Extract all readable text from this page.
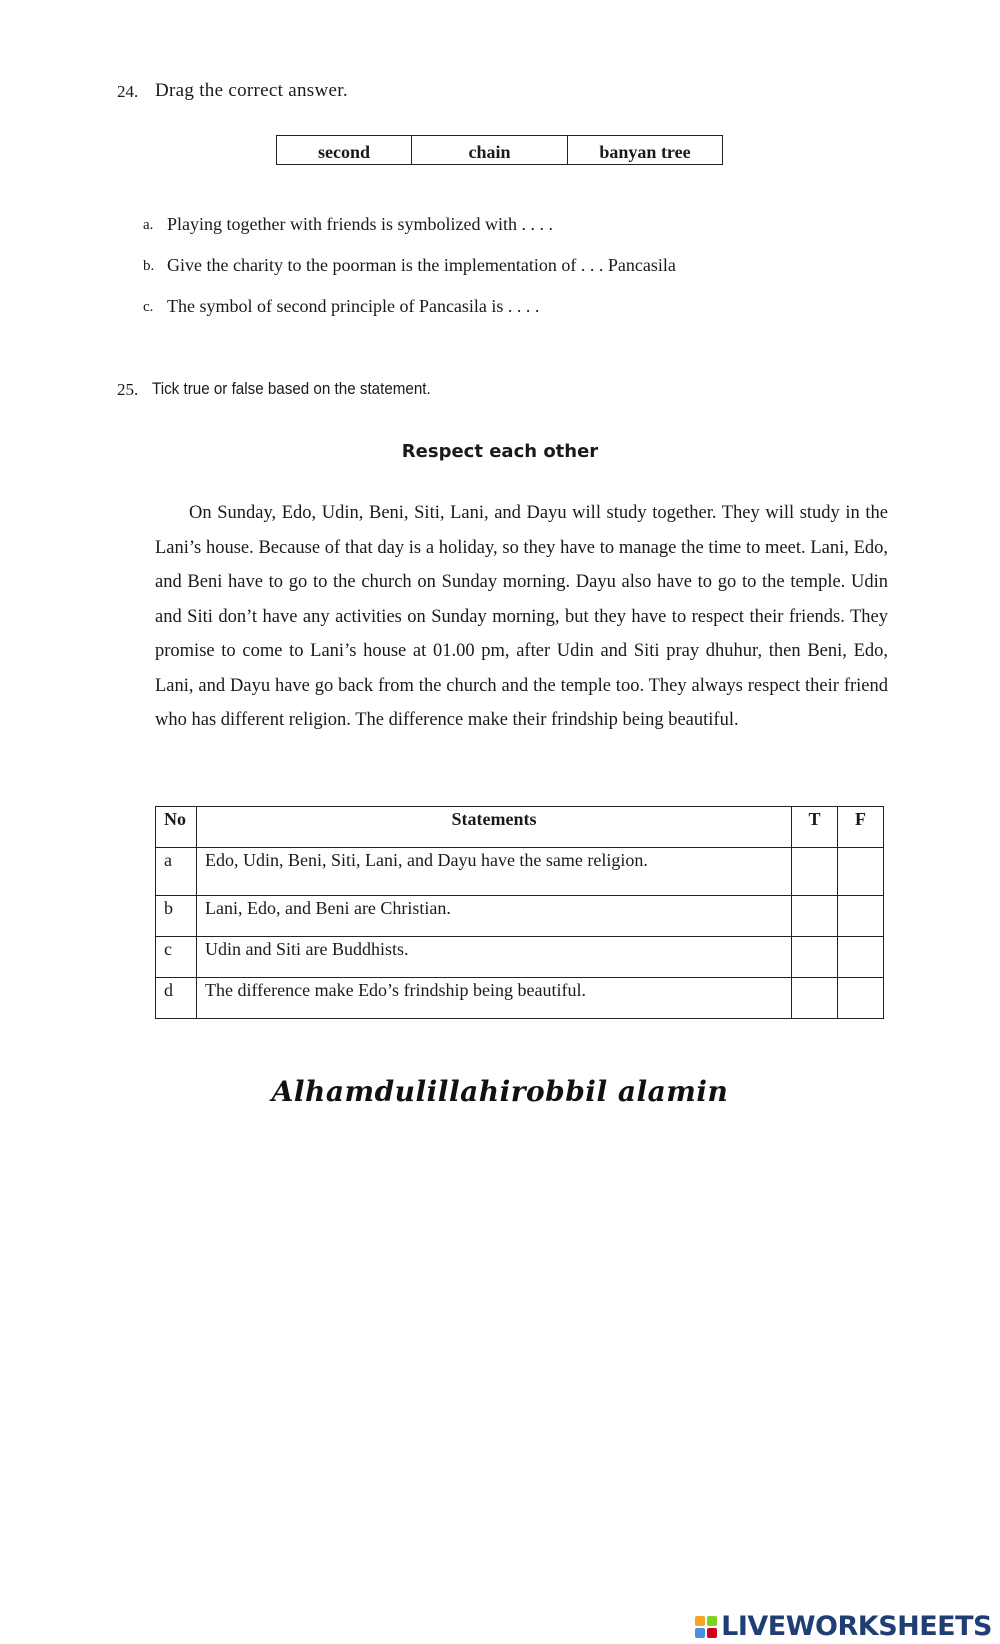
24. Drag the correct answer.
second	chain	banyan tree
a. Playing together with friends is symbolized with . . . .
b. Give the charity to the poorman is the implementation of . . . Pancasila
c. The symbol of second principle of Pancasila is . . . .
25. Tick true or false based on the statement.
Respect each other
On Sunday, Edo, Udin, Beni, Siti, Lani, and Dayu will study together. They will study in the Lani’s house. Because of that day is a holiday, so they have to manage the time to meet. Lani, Edo, and Beni have to go to the church on Sunday morning. Dayu also have to go to the temple. Udin and Siti don’t have any activities on Sunday morning, but they have to respect their friends. They promise to come to Lani’s house at 01.00 pm, after Udin and Siti pray dhuhur, then Beni, Edo, Lani, and Dayu have go back from the church and the temple too. They always respect their friend who has different religion. The difference make their frindship being beautiful.
No	Statements	T	F
a	Edo, Udin, Beni, Siti, Lani, and Dayu have the same religion.		
b	Lani, Edo, and Beni are Christian.		
c	Udin and Siti are Buddhists.		
d	The difference make Edo’s frindship being beautiful.		
Alhamdulillahirobbil alamin
LIVEWORKSHEETS
